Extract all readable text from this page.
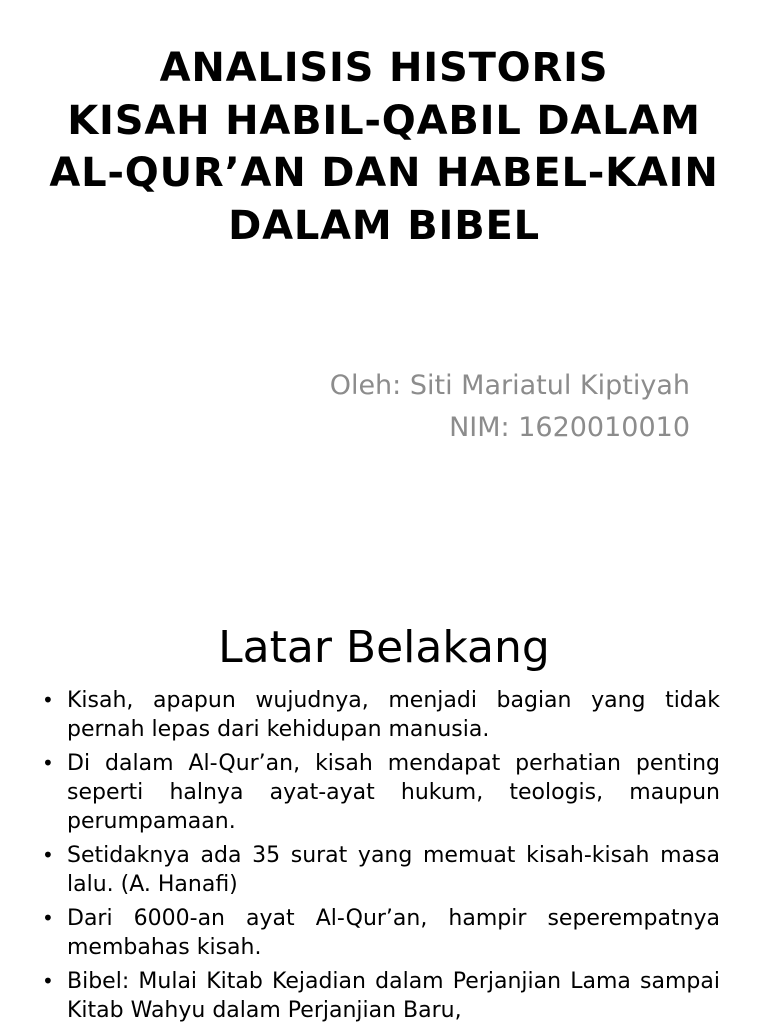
ANALISIS HISTORIS
KISAH HABIL-QABIL DALAM
AL-QUR’AN DAN HABEL-KAIN
DALAM BIBEL
Oleh: Siti Mariatul Kiptiyah
NIM: 1620010010
Latar Belakang
• Kisah, apapun wujudnya, menjadi bagian yang tidak pernah lepas dari kehidupan manusia.
• Di dalam Al-Qur’an, kisah mendapat perhatian penting seperti halnya ayat-ayat hukum, teologis, maupun perumpamaan.
• Setidaknya ada 35 surat yang memuat kisah-kisah masa lalu. (A. Hanafi)
• Dari 6000-an ayat Al-Qur’an, hampir seperempatnya membahas kisah.
• Bibel: Mulai Kitab Kejadian dalam Perjanjian Lama sampai Kitab Wahyu dalam Perjanjian Baru,
